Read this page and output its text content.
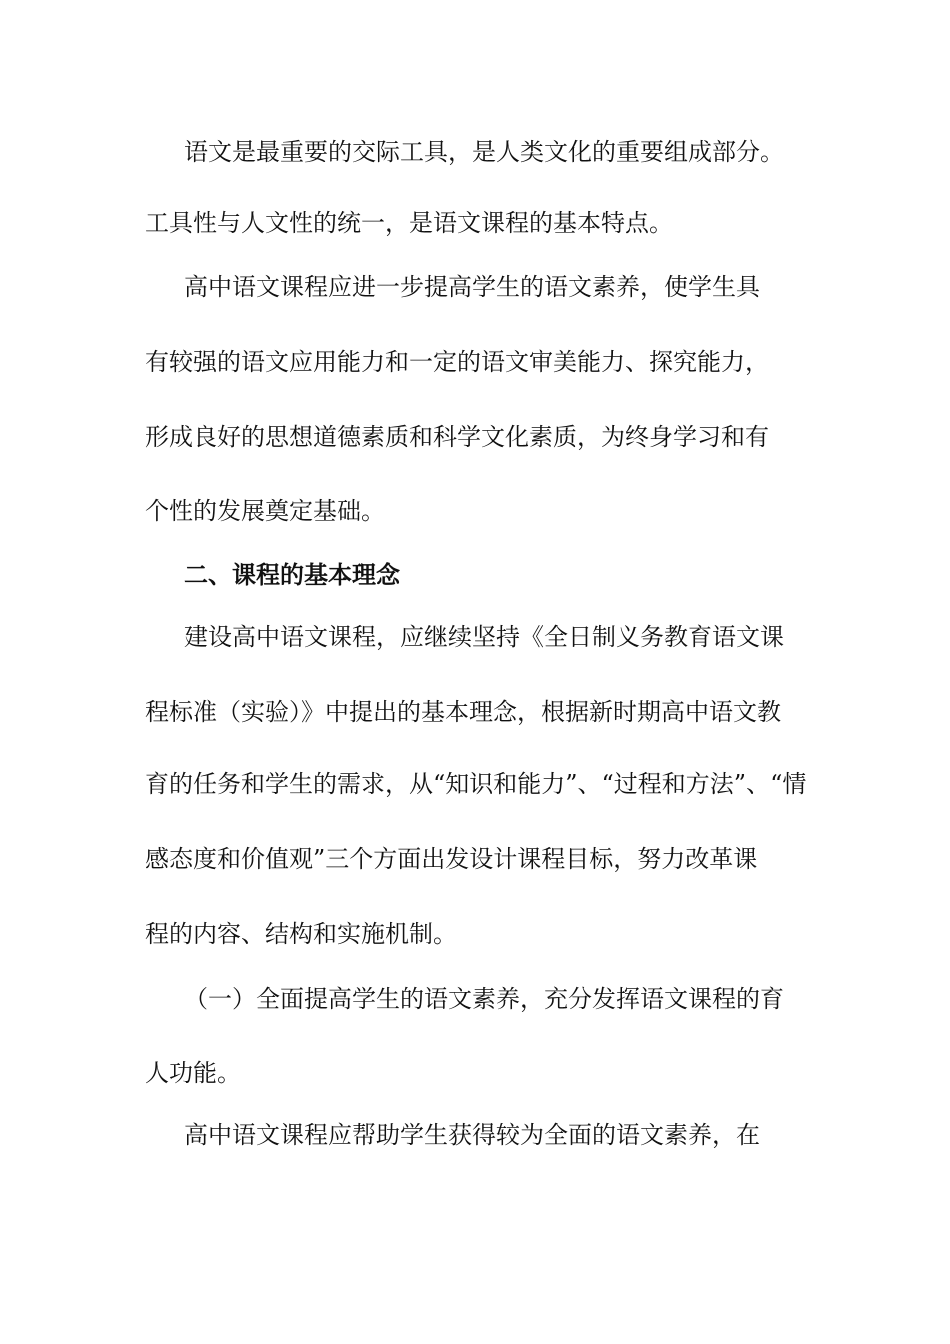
语文是最重要的交际工具，是人类文化的重要组成部分。
工具性与人文性的统一，是语文课程的基本特点。
高中语文课程应进一步提高学生的语文素养，使学生具
有较强的语文应用能力和一定的语文审美能力、探究能力，
形成良好的思想道德素质和科学文化素质，为终身学习和有
个性的发展奠定基础。
二、课程的基本理念
建设高中语文课程，应继续坚持《全日制义务教育语文课
程标准（实验）》中提出的基本理念，根据新时期高中语文教
育的任务和学生的需求，从“知识和能力”、“过程和方法”、“情
感态度和价值观”三个方面出发设计课程目标，努力改革课
程的内容、结构和实施机制。
（一）全面提高学生的语文素养，充分发挥语文课程的育
人功能。
高中语文课程应帮助学生获得较为全面的语文素养，在
